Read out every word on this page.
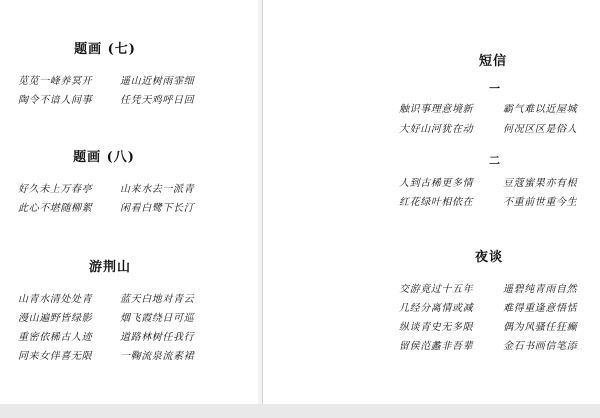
题画 (七)
苋苋一峰养冥开	遥山近树雨霏细
陶令不谙人间事	任凭天鸡呼日回
题画 (八)
好久未上万春亭	山来水去一派青
此心不堪随柳絮	闲看白鹭下长汀
游荆山
山青水清处处青	蓝天白地对青云
漫山遍野皆绿影	烟飞霞绕日可巡
重密依稀古人迹	道路林树任我行
同来女伴喜无限	一鞠流泉流素裙
短信
一
触识事理意境新	霸气难以近屋城
大好山河犹在动	何况区区是俗人
二
人到古稀更多情	豆蔻蜜果亦有根
红花绿叶相依在	不重前世重今生
夜谈
交游竟过十五年	遥碧纯青雨自然
几经分离情或减	难得重逢意悟恬
纵谈青史无多限	偶为风骚任狂癫
留侯范蠡非吾辈	金石书画信笔添
